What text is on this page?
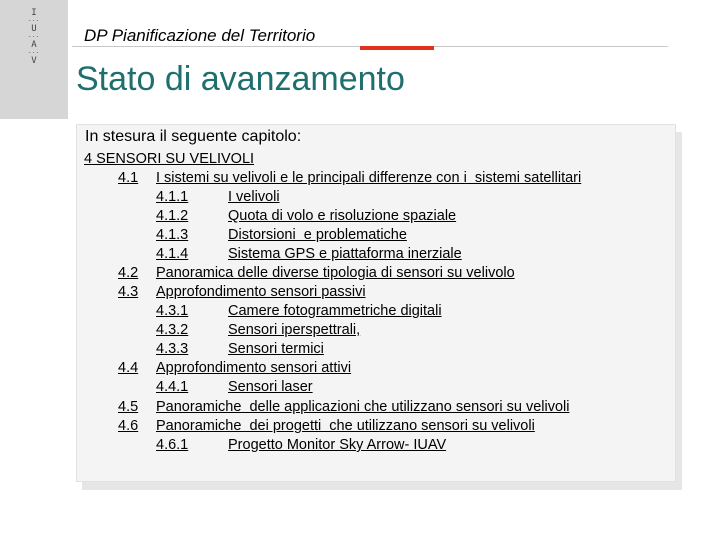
I
···
U
···
A
···
V
DP Pianificazione del Territorio
Stato di avanzamento
In stesura il seguente capitolo:
4 SENSORI SU VELIVOLI
4.1 I sistemi su velivoli e le principali differenze con i  sistemi satellitari
4.1.1	I velivoli
4.1.2	Quota di volo e risoluzione spaziale
4.1.3	Distorsioni  e problematiche
4.1.4	Sistema GPS e piattaforma inerziale
4.2 Panoramica delle diverse tipologia di sensori su velivolo
4.3 Approfondimento sensori passivi
4.3.1	Camere fotogrammetriche digitali
4.3.2	Sensori iperspettrali,
4.3.3	Sensori termici
4.4 Approfondimento sensori attivi
4.4.1	Sensori laser
4.5 Panoramiche  delle applicazioni che utilizzano sensori su velivoli
4.6 Panoramiche  dei progetti  che utilizzano sensori su velivoli
4.6.1	Progetto Monitor Sky Arrow- IUAV
